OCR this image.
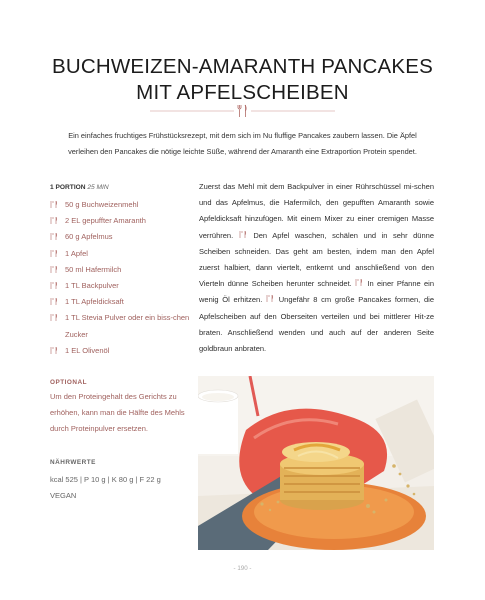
BUCHWEIZEN-AMARANTH PANCAKES
MIT APFELSCHEIBEN
Ein einfaches fruchtiges Frühstücksrezept, mit dem sich im Nu fluffige Pancakes zaubern lassen. Die Äpfel
verleihen den Pancakes die nötige leichte Süße, während der Amaranth eine Extraportion Protein spendet.
1 PORTION 25 MIN
50 g Buchweizenmehl
2 EL gepuffter Amaranth
60 g Apfelmus
1 Apfel
50 ml Hafermilch
1 TL Backpulver
1 TL Apfeldicksaft
1 TL Stevia Pulver oder ein biss-chen Zucker
1 EL Olivenöl
OPTIONAL
Um den Proteingehalt des Gerichts zu erhöhen, kann man die Hälfte des Mehls durch Proteinpulver ersetzen.
NÄHRWERTE
kcal 525 | P 10 g | K 80 g | F 22 g
VEGAN
Zuerst das Mehl mit dem Backpulver in einer Rührschüssel mi-schen und das Apfelmus, die Hafermilch, den gepufften Amaranth sowie Apfeldicksaft hinzufügen. Mit einem Mixer zu einer cremigen Masse verrühren.	Den Apfel waschen, schälen und in sehr dünne Scheiben schneiden. Das geht am besten, indem man den Apfel zuerst halbiert, dann viertelt, entkernt und anschließend von den Vierteln dünne Scheiben herunter schneidet. In einer Pfanne ein wenig Öl erhitzen. Ungefähr 8 cm große Pancakes formen, die Apfelscheiben auf den Oberseiten verteilen und bei mittlerer Hit-ze braten. Anschließend wenden und auch auf der anderen Seite goldbraun anbraten.
- 190 -
